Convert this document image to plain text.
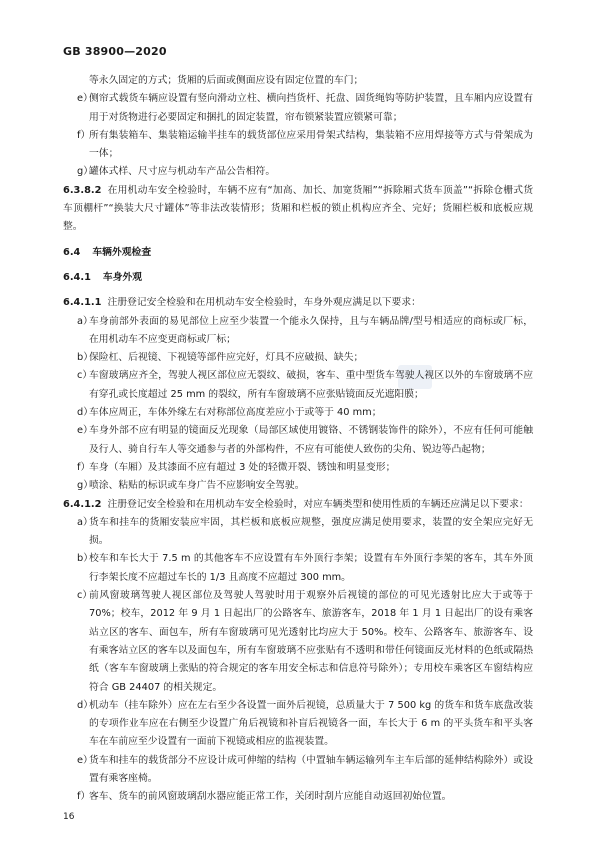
GB 38900—2020

等永久固定的方式；货厢的后面或侧面应设有固定位置的车门；

e）
侧帘式载货车辆应设置有竖向滑动立柱、横向挡货杆、托盘、固货绳钩等防护装置，且车厢内应设置有用于对货物进行必要固定和捆扎的固定装置，帘布锁紧装置应锁紧可靠；

f）
所有集装箱车、集装箱运输半挂车的载货部位应采用骨架式结构，集装箱不应用焊接等方式与骨架成为一体；

g）
罐体式样、尺寸应与机动车产品公告相符。

6.3.8.2 在用机动车安全检验时，车辆不应有“加高、加长、加宽货厢”“拆除厢式货车顶盖”“拆除仓栅式货车顶棚杆”“换装大尺寸罐体”等非法改装情形；货厢和栏板的锁止机构应齐全、完好；货厢栏板和底板应规整。

6.4 车辆外观检查

6.4.1 车身外观

6.4.1.1 注册登记安全检验和在用机动车安全检验时，车身外观应满足以下要求：

a）
车身前部外表面的易见部位上应至少装置一个能永久保持，且与车辆品牌/型号相适应的商标或厂标，在用机动车不应变更商标或厂标；

b）
保险杠、后视镜、下视镜等部件应完好，灯具不应破损、缺失；

c）
车窗玻璃应齐全，驾驶人视区部位应无裂纹、破损，客车、重中型货车驾驶人视区以外的车窗玻璃不应有穿孔或长度超过 25 mm 的裂纹，所有车窗玻璃不应张贴镜面反光遮阳膜；

d）
车体应周正，车体外缘左右对称部位高度差应小于或等于 40 mm；

e）
车身外部不应有明显的镜面反光现象（局部区域使用镀铬、不锈钢装饰件的除外），不应有任何可能触及行人、骑自行车人等交通参与者的外部构件，不应有可能使人致伤的尖角、锐边等凸起物；

f）
车身（车厢）及其漆面不应有超过 3 处的轻微开裂、锈蚀和明显变形；

g）
喷涂、粘贴的标识或车身广告不应影响安全驾驶。

6.4.1.2 注册登记安全检验和在用机动车安全检验时，对应车辆类型和使用性质的车辆还应满足以下要求：

a）
货车和挂车的货厢安装应牢固，其栏板和底板应规整，强度应满足使用要求，装置的安全架应完好无损。

b）
校车和车长大于 7.5 m 的其他客车不应设置有车外顶行李架；设置有车外顶行李架的客车，其车外顶行李架长度不应超过车长的 1/3 且高度不应超过 300 mm。

c）
前风窗玻璃驾驶人视区部位及驾驶人驾驶时用于观察外后视镜的部位的可见光透射比应大于或等于 70%；校车，2012 年 9 月 1 日起出厂的公路客车、旅游客车，2018 年 1 月 1 日起出厂的设有乘客站立区的客车、面包车，所有车窗玻璃可见光透射比均应大于 50%。校车、公路客车、旅游客车、设有乘客站立区的客车以及面包车，所有车窗玻璃不应张贴有不透明和带任何镜面反光材料的色纸或隔热纸（客车车窗玻璃上张贴的符合规定的客车用安全标志和信息符号除外）；专用校车乘客区车窗结构应符合 GB 24407 的相关规定。

d）
机动车（挂车除外）应在左右至少各设置一面外后视镜，总质量大于 7 500 kg 的货车和货车底盘改装的专项作业车应在右侧至少设置广角后视镜和补盲后视镜各一面，车长大于 6 m 的平头货车和平头客车在车前应至少设置有一面前下视镜或相应的监视装置。

e）
货车和挂车的载货部分不应设计成可伸缩的结构（中置轴车辆运输列车主车后部的延伸结构除外）或设置有乘客座椅。

f）
客车、货车的前风窗玻璃刮水器应能正常工作，关闭时刮片应能自动返回初始位置。

16
